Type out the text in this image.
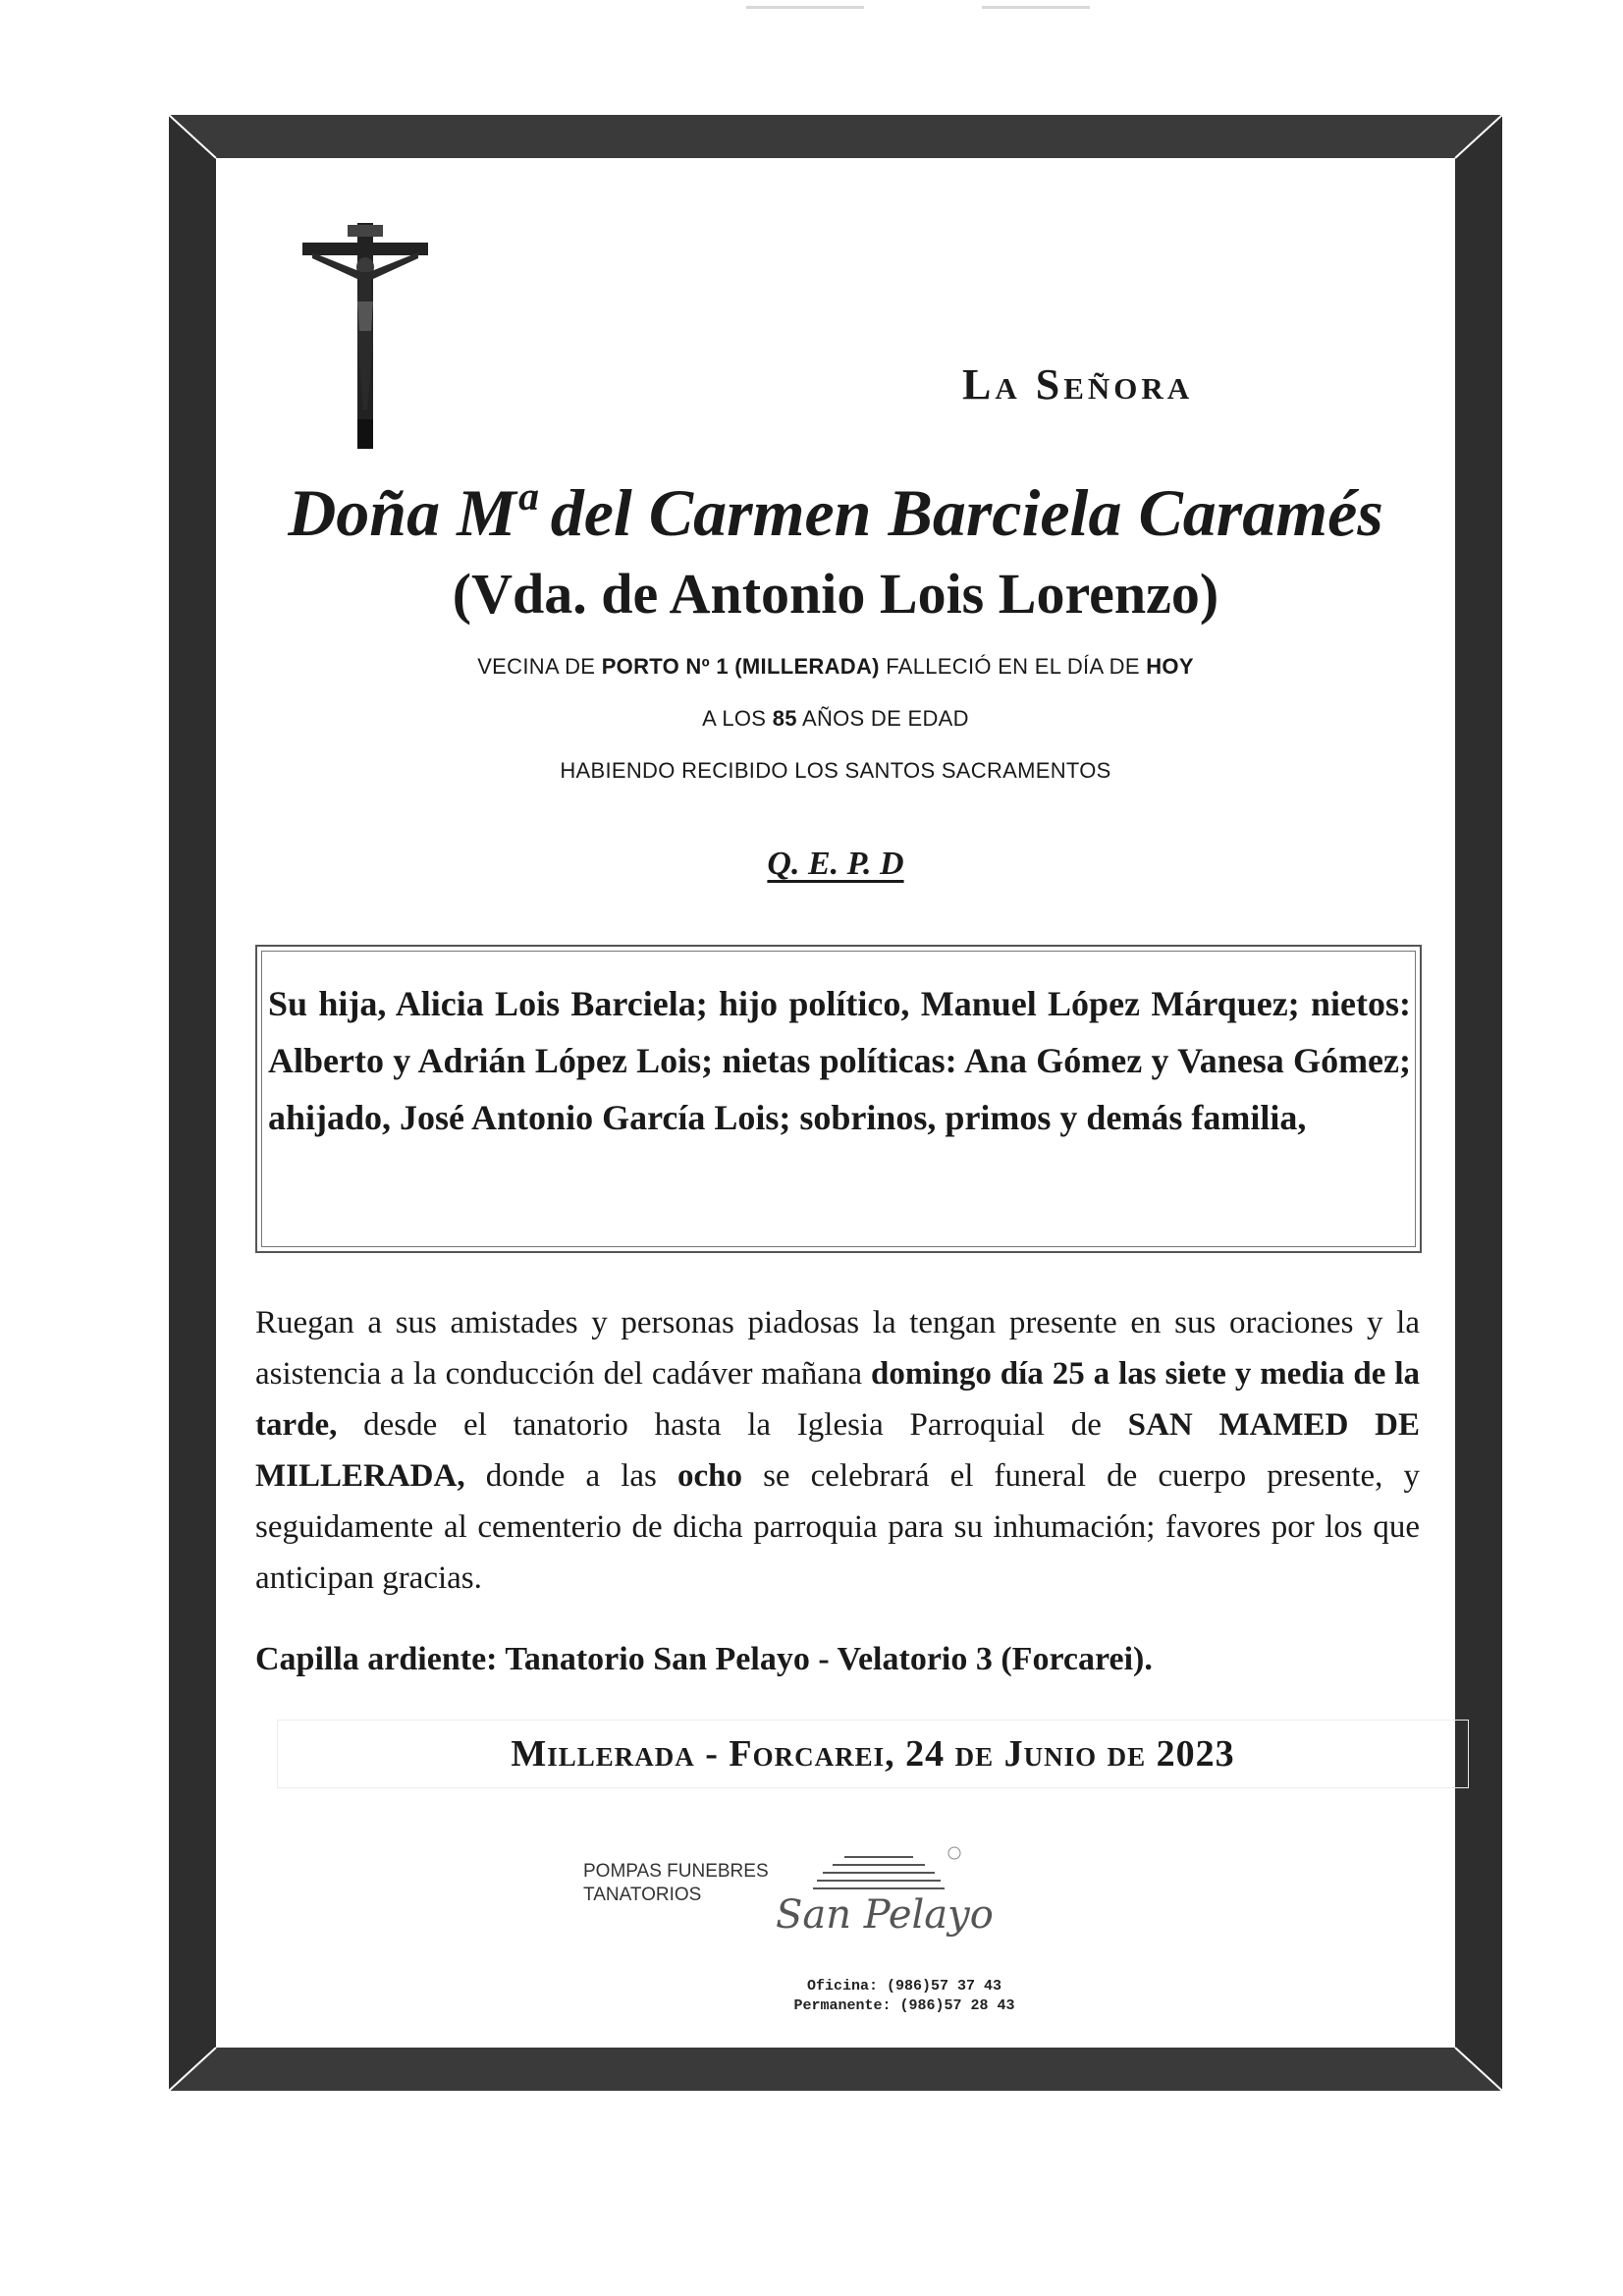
La Señora
Doña Mª del Carmen Barciela Caramés
(Vda. de Antonio Lois Lorenzo)
VECINA DE PORTO Nº 1 (MILLERADA) FALLECIÓ EN EL DÍA DE HOY
A LOS 85 AÑOS DE EDAD
HABIENDO RECIBIDO LOS SANTOS SACRAMENTOS
Q. E. P. D

Su hija, Alicia Lois Barciela; hijo político, Manuel López Márquez; nietos: Alberto y Adrián López Lois; nietas políticas: Ana Gómez y Vanesa Gómez; ahijado, José Antonio García Lois; sobrinos, primos y demás familia,

Ruegan a sus amistades y personas piadosas la tengan presente en sus oraciones y la asistencia a la conducción del cadáver mañana domingo día 25 a las siete y media de la tarde, desde el tanatorio hasta la Iglesia Parroquial de SAN MAMED DE MILLERADA, donde a las ocho se celebrará el funeral de cuerpo presente, y seguidamente al cementerio de dicha parroquia para su inhumación; favores por los que anticipan gracias.

Capilla ardiente: Tanatorio San Pelayo - Velatorio 3 (Forcarei).
Millerada - Forcarei, 24 de Junio de 2023
POMPAS FUNEBRES
TANATORIOS	San Pelayo
Oficina: (986)57 37 43
Permanente: (986)57 28 43
